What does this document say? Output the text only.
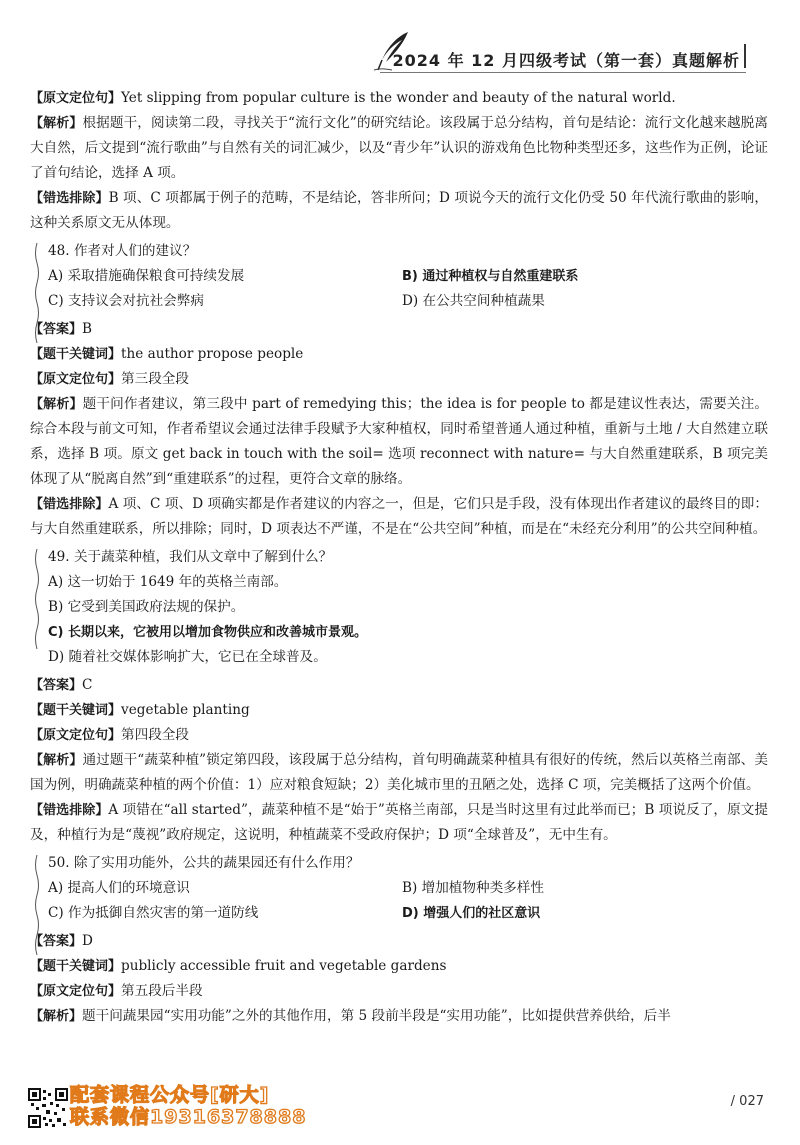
2024 年 12 月四级考试（第一套）真题解析

【原文定位句】Yet slipping from popular culture is the wonder and beauty of the natural world.

【解析】根据题干，阅读第二段，寻找关于“流行文化”的研究结论。该段属于总分结构，首句是结论：流行文化越来越脱离大自然，后文提到“流行歌曲”与自然有关的词汇减少，以及“青少年”认识的游戏角色比物种类型还多，这些作为正例，论证了首句结论，选择 A 项。

【错选排除】B 项、C 项都属于例子的范畴，不是结论，答非所问；D 项说今天的流行文化仍受 50 年代流行歌曲的影响，这种关系原文无从体现。

48. 作者对人们的建议？

A) 采取措施确保粮食可持续发展	B) 通过种植权与自然重建联系
C) 支持议会对抗社会弊病	D) 在公共空间种植蔬果

【答案】B

【题干关键词】the author propose people

【原文定位句】第三段全段

【解析】题干问作者建议，第三段中 part of remedying this；the idea is for people to 都是建议性表达，需要关注。综合本段与前文可知，作者希望议会通过法律手段赋予大家种植权，同时希望普通人通过种植，重新与土地 / 大自然建立联系，选择 B 项。原文 get back in touch with the soil= 选项 reconnect with nature= 与大自然重建联系，B 项完美体现了从“脱离自然”到“重建联系”的过程，更符合文章的脉络。

【错选排除】A 项、C 项、D 项确实都是作者建议的内容之一，但是，它们只是手段，没有体现出作者建议的最终目的即：与大自然重建联系，所以排除；同时，D 项表达不严谨，不是在“公共空间”种植，而是在“未经充分利用”的公共空间种植。

49. 关于蔬菜种植，我们从文章中了解到什么？

A) 这一切始于 1649 年的英格兰南部。
B) 它受到美国政府法规的保护。
C) 长期以来，它被用以增加食物供应和改善城市景观。
D) 随着社交媒体影响扩大，它已在全球普及。

【答案】C

【题干关键词】vegetable planting

【原文定位句】第四段全段

【解析】通过题干“蔬菜种植”锁定第四段，该段属于总分结构，首句明确蔬菜种植具有很好的传统，然后以英格兰南部、美国为例，明确蔬菜种植的两个价值：1）应对粮食短缺；2）美化城市里的丑陋之处，选择 C 项，完美概括了这两个价值。

【错选排除】A 项错在“all started”，蔬菜种植不是“始于”英格兰南部，只是当时这里有过此举而已；B 项说反了，原文提及，种植行为是“蔑视”政府规定，这说明，种植蔬菜不受政府保护；D 项“全球普及”，无中生有。

50. 除了实用功能外，公共的蔬果园还有什么作用？

A) 提高人们的环境意识	B) 增加植物种类多样性
C) 作为抵御自然灾害的第一道防线	D) 增强人们的社区意识

【答案】D

【题干关键词】publicly accessible fruit and vegetable gardens

【原文定位句】第五段后半段

【解析】题干问蔬果园“实用功能”之外的其他作用，第 5 段前半段是“实用功能”，比如提供营养供给，后半

配套课程公众号[研大]
联系微信19316378888
/ 027
